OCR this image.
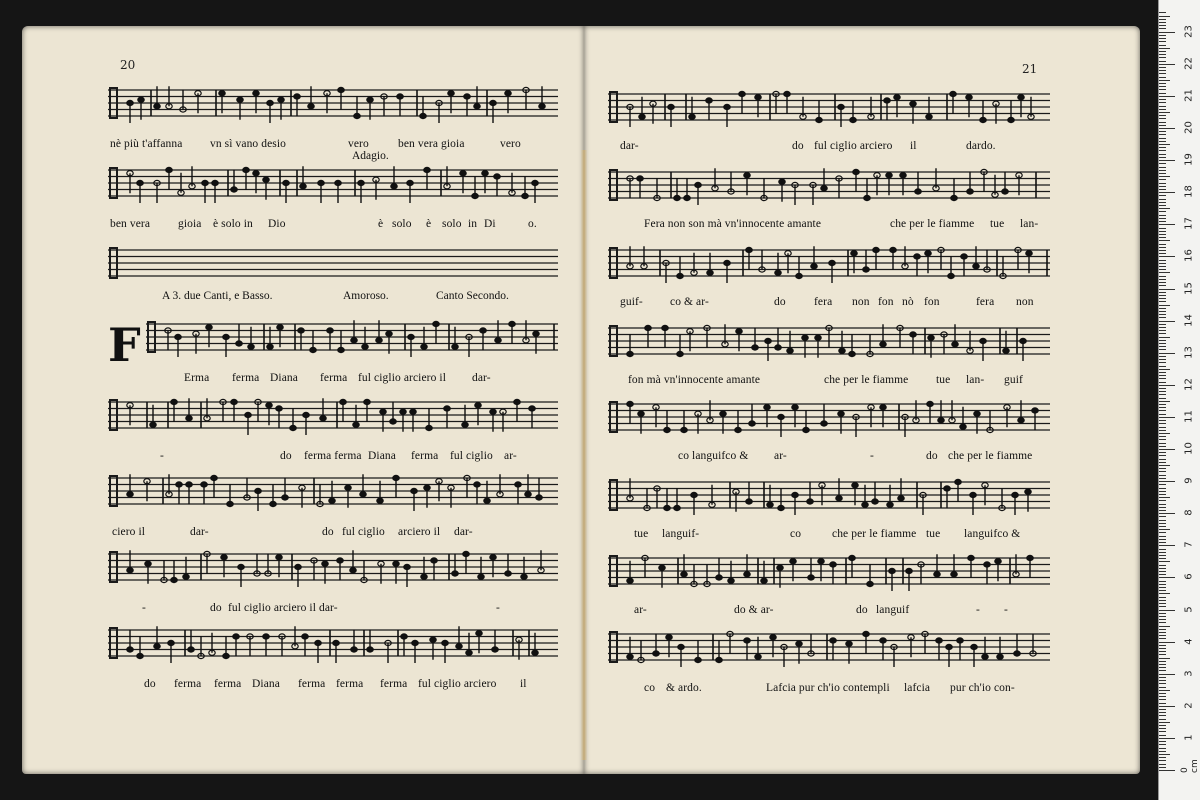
20	21
nè più t'affanna vn sì vano desio	vero	ben vera gioia	vero
Adagio.
ben vera gioia è solo in Dio	è solo è solo in Di	o.
A 3. due Canti, e Basso.	Amoroso.	Canto Secondo.
F
Erma ferma Diana ferma ful ciglio arciero il dar-
-	do ferma ferma Diana ferma ful ciglio ar-
ciero il	dar-	do ful ciglio arciero il dar-
-	do ful ciglio arciero il dar-	-
do ferma ferma Diana ferma ferma ferma ful ciglio arciero il
dar-	do ful ciglio arciero il	dardo.
Fera non son mà vn'innocente amante	che per le fiamme tue lan-
guif- co & ar-	do fera non fon nò fon	fera non
fon mà vn'innocente amante	che per le fiamme tue lan- guif
co languifco & ar-	-	do che per le fiamme
tue languif-	co	che per le fiamme tue languifco &
ar-	do & ar-	do languif	- -
co & ardo.	Lafcia pur ch'io contempli lafcia pur ch'io con-
0 cm
1
2
3
4
5
6
7
8
9
10
11
12
13
14
15
16
17
18
19
20
21
22
23
